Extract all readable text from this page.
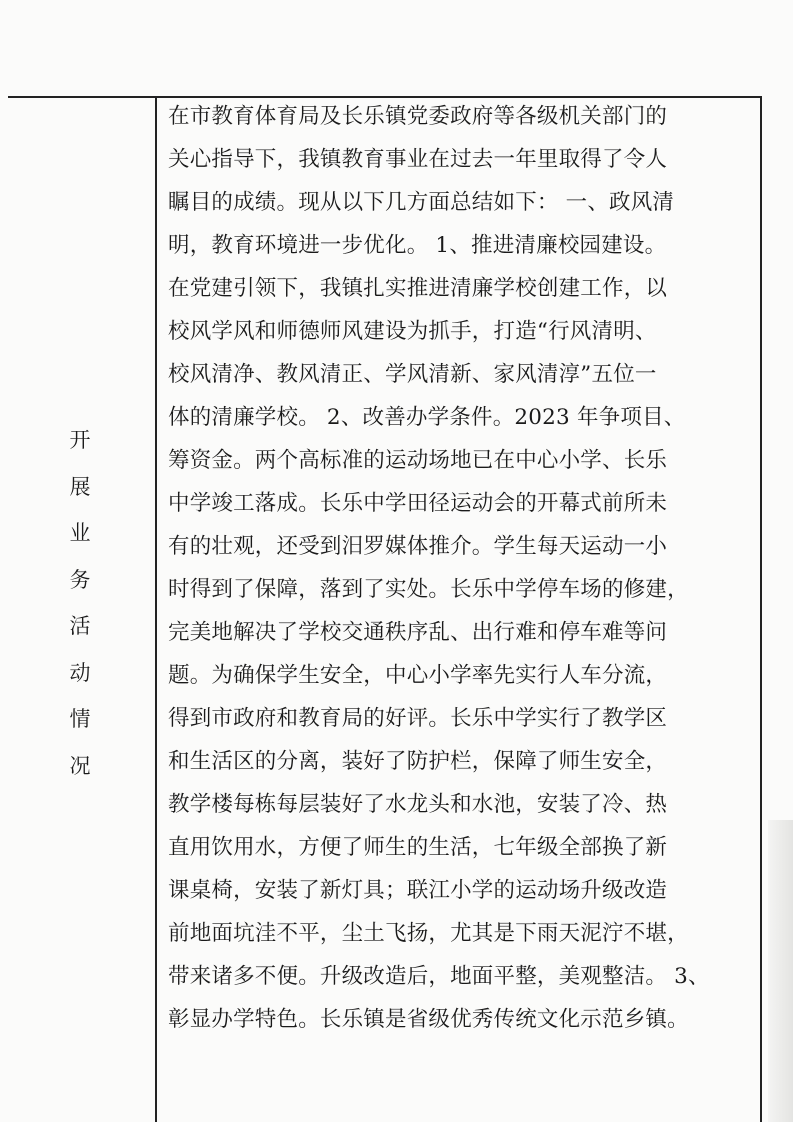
开
展
业
务
活
动
情
况
在市教育体育局及长乐镇党委政府等各级机关部门的
关心指导下，我镇教育事业在过去一年里取得了令人
瞩目的成绩。现从以下几方面总结如下： 一、政风清
明，教育环境进一步优化。 1、推进清廉校园建设。
在党建引领下，我镇扎实推进清廉学校创建工作，以
校风学风和师德师风建设为抓手，打造“行风清明、
校风清净、教风清正、学风清新、家风清淳”五位一
体的清廉学校。 2、改善办学条件。2023 年争项目、
筹资金。两个高标准的运动场地已在中心小学、长乐
中学竣工落成。长乐中学田径运动会的开幕式前所未
有的壮观，还受到汨罗媒体推介。学生每天运动一小
时得到了保障，落到了实处。长乐中学停车场的修建，
完美地解决了学校交通秩序乱、出行难和停车难等问
题。为确保学生安全，中心小学率先实行人车分流，
得到市政府和教育局的好评。长乐中学实行了教学区
和生活区的分离，装好了防护栏，保障了师生安全，
教学楼每栋每层装好了水龙头和水池，安装了冷、热
直用饮用水，方便了师生的生活，七年级全部换了新
课桌椅，安装了新灯具；联江小学的运动场升级改造
前地面坑洼不平，尘土飞扬，尤其是下雨天泥泞不堪，
带来诸多不便。升级改造后，地面平整，美观整洁。 3、
彰显办学特色。长乐镇是省级优秀传统文化示范乡镇。
